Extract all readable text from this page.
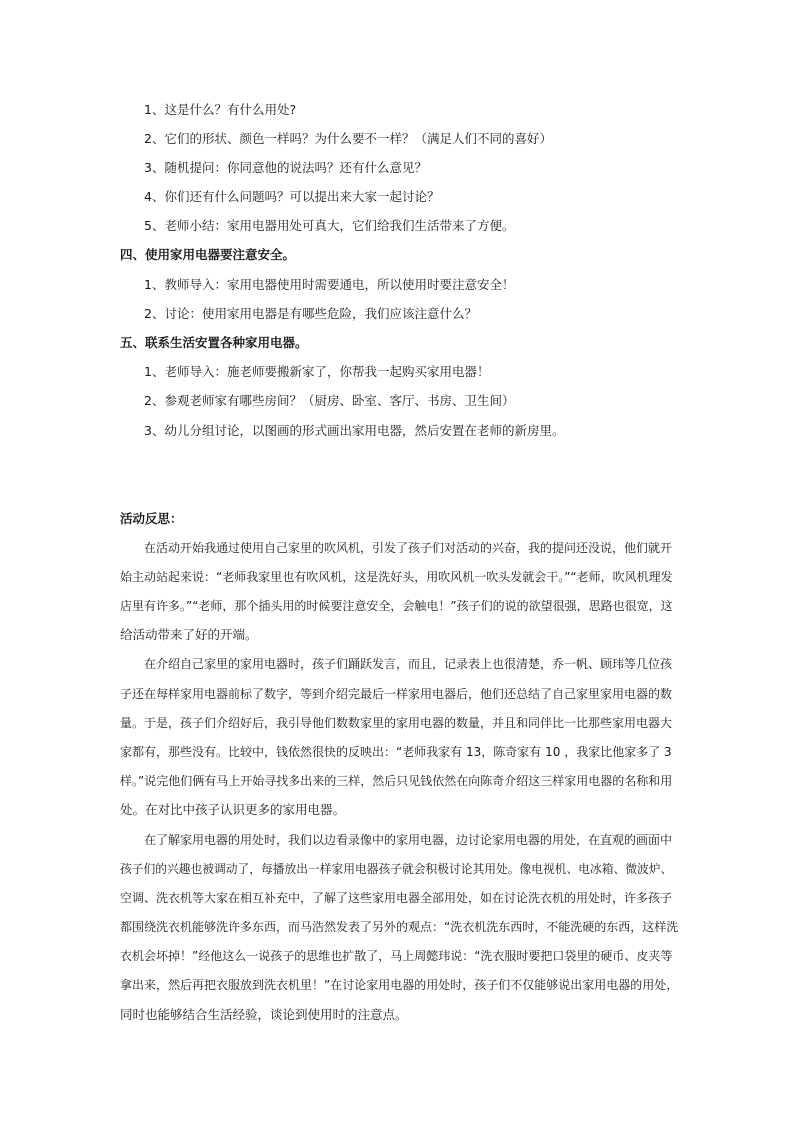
1、这是什么？有什么用处?

2、它们的形状、颜色一样吗？为什么要不一样？（满足人们不同的喜好）

3、随机提问：你同意他的说法吗？还有什么意见？

4、你们还有什么问题吗？可以提出来大家一起讨论？

5、老师小结：家用电器用处可真大，它们给我们生活带来了方便。

四、使用家用电器要注意安全。

1、教师导入：家用电器使用时需要通电，所以使用时要注意安全！

2、讨论：使用家用电器是有哪些危险，我们应该注意什么？

五、联系生活安置各种家用电器。

1、老师导入：施老师要搬新家了，你帮我一起购买家用电器！

2、参观老师家有哪些房间？（厨房、卧室、客厅、书房、卫生间）

3、幼儿分组讨论，以图画的形式画出家用电器，然后安置在老师的新房里。

活动反思：

在活动开始我通过使用自己家里的吹风机，引发了孩子们对活动的兴奋，我的提问还没说，他们就开

始主动站起来说：“老师我家里也有吹风机，这是洗好头，用吹风机一吹头发就会干。”“老师，吹风机理发

店里有许多。”“老师，那个插头用的时候要注意安全，会触电！”孩子们的说的欲望很强，思路也很宽，这

给活动带来了好的开端。

在介绍自己家里的家用电器时，孩子们踊跃发言，而且，记录表上也很清楚，乔一帆、顾玮等几位孩

子还在每样家用电器前标了数字，等到介绍完最后一样家用电器后，他们还总结了自己家里家用电器的数

量。于是，孩子们介绍好后，我引导他们数数家里的家用电器的数量，并且和同伴比一比那些家用电器大

家都有，那些没有。比较中，钱依然很快的反映出：“老师我家有 13，陈奇家有 10 ，我家比他家多了 3

样。”说完他们俩有马上开始寻找多出来的三样，然后只见钱依然在向陈奇介绍这三样家用电器的名称和用

处。在对比中孩子认识更多的家用电器。

在了解家用电器的用处时，我们以边看录像中的家用电器，边讨论家用电器的用处，在直观的画面中

孩子们的兴趣也被调动了，每播放出一样家用电器孩子就会积极讨论其用处。像电视机、电冰箱、微波炉、

空调、洗衣机等大家在相互补充中，了解了这些家用电器全部用处，如在讨论洗衣机的用处时，许多孩子

都围绕洗衣机能够洗许多东西，而马浩然发表了另外的观点：“洗衣机洗东西时，不能洗硬的东西，这样洗

衣机会坏掉！”经他这么一说孩子的思维也扩散了，马上周懿玮说：“洗衣服时要把口袋里的硬币、皮夹等

拿出来，然后再把衣服放到洗衣机里！”在讨论家用电器的用处时，孩子们不仅能够说出家用电器的用处，

同时也能够结合生活经验，谈论到使用时的注意点。
